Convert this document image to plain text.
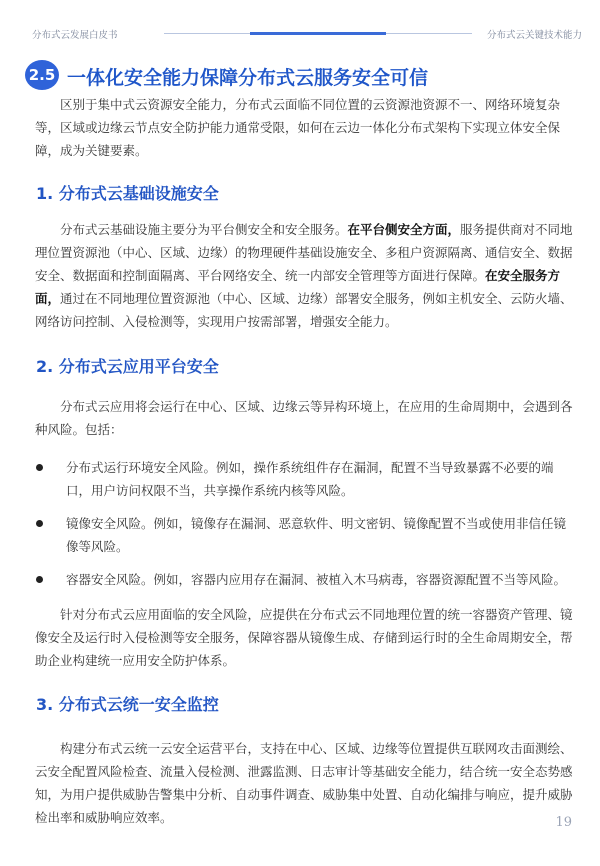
分布式云发展白皮书	分布式云关键技术能力
2.5 一体化安全能力保障分布式云服务安全可信

区别于集中式云资源安全能力，分布式云面临不同位置的云资源池资源不一、网络环境复杂等，区域或边缘云节点安全防护能力通常受限，如何在云边一体化分布式架构下实现立体安全保障，成为关键要素。

1. 分布式云基础设施安全

分布式云基础设施主要分为平台侧安全和安全服务。在平台侧安全方面，服务提供商对不同地理位置资源池（中心、区域、边缘）的物理硬件基础设施安全、多租户资源隔离、通信安全、数据安全、数据面和控制面隔离、平台网络安全、统一内部安全管理等方面进行保障。在安全服务方面，通过在不同地理位置资源池（中心、区域、边缘）部署安全服务，例如主机安全、云防火墙、网络访问控制、入侵检测等，实现用户按需部署，增强安全能力。

2. 分布式云应用平台安全

分布式云应用将会运行在中心、区域、边缘云等异构环境上，在应用的生命周期中，会遇到各种风险。包括：

分布式运行环境安全风险。例如，操作系统组件存在漏洞，配置不当导致暴露不必要的端口，用户访问权限不当，共享操作系统内核等风险。
镜像安全风险。例如，镜像存在漏洞、恶意软件、明文密钥、镜像配置不当或使用非信任镜像等风险。
容器安全风险。例如，容器内应用存在漏洞、被植入木马病毒，容器资源配置不当等风险。

针对分布式云应用面临的安全风险，应提供在分布式云不同地理位置的统一容器资产管理、镜像安全及运行时入侵检测等安全服务，保障容器从镜像生成、存储到运行时的全生命周期安全，帮助企业构建统一应用安全防护体系。

3. 分布式云统一安全监控

构建分布式云统一云安全运营平台，支持在中心、区域、边缘等位置提供互联网攻击面测绘、云安全配置风险检查、流量入侵检测、泄露监测、日志审计等基础安全能力，结合统一安全态势感知，为用户提供威胁告警集中分析、自动事件调查、威胁集中处置、自动化编排与响应，提升威胁检出率和威胁响应效率。	19
